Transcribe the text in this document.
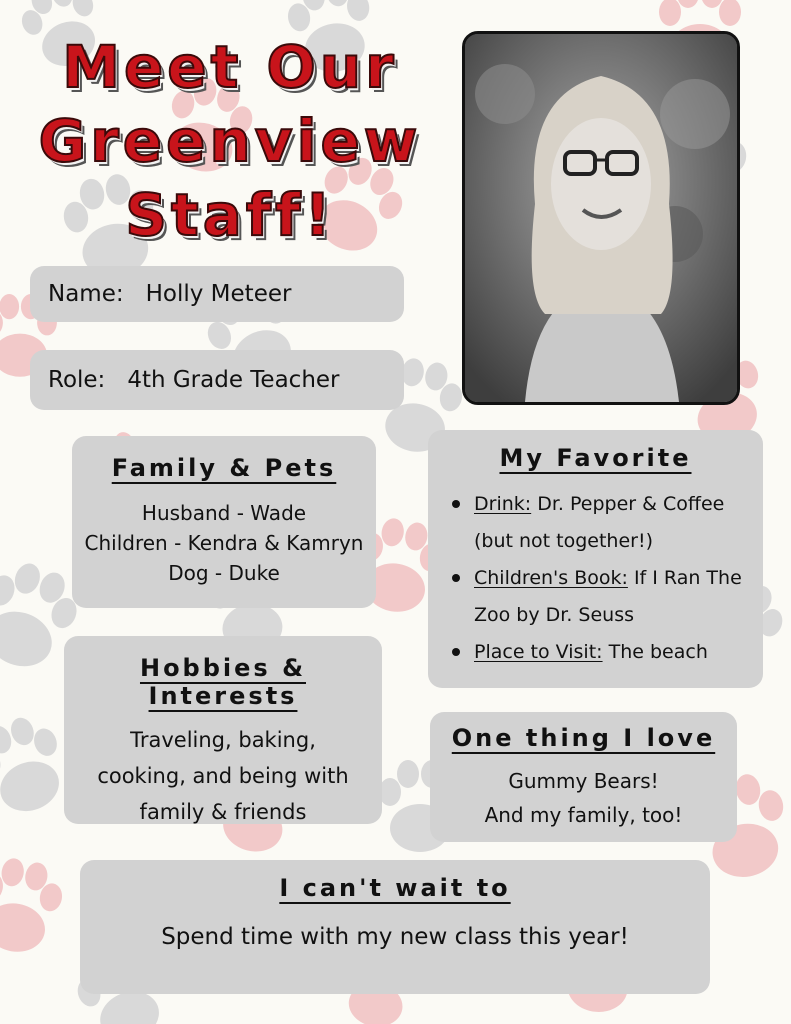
Meet Our
Greenview
Staff!
Name: Holly Meteer
Role: 4th Grade Teacher
Family & Pets
Husband - Wade
Children - Kendra & Kamryn
Dog - Duke
Hobbies & Interests
Traveling, baking,
cooking, and being with
family & friends
My Favorite
Drink: Dr. Pepper & Coffee
(but not together!)
Children's Book: If I Ran The
Zoo by Dr. Seuss
Place to Visit: The beach
One thing I love
Gummy Bears!
And my family, too!
I can't wait to
Spend time with my new class this year!
